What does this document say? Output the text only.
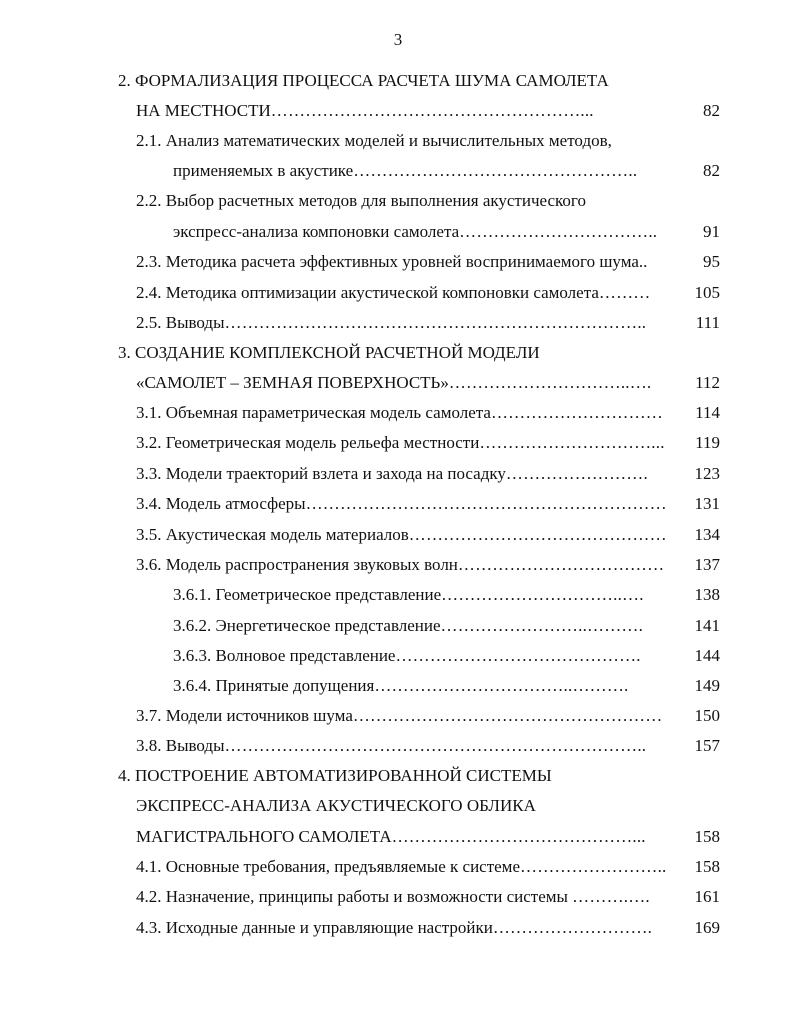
3
2. ФОРМАЛИЗАЦИЯ ПРОЦЕССА РАСЧЕТА ШУМА САМОЛЕТА
НА МЕСТНОСТИ………………………………………………...	82
2.1. Анализ математических моделей и вычислительных методов,
применяемых в акустике…………………………………………..	82
2.2. Выбор расчетных методов для выполнения акустического
экспресс-анализа компоновки самолета……………………………..	91
2.3. Методика расчета эффективных уровней воспринимаемого шума..	95
2.4. Методика оптимизации акустической компоновки самолета………	105
2.5. Выводы………………………………………………………………..	111
3. СОЗДАНИЕ КОМПЛЕКСНОЙ РАСЧЕТНОЙ МОДЕЛИ
«САМОЛЕТ – ЗЕМНАЯ ПОВЕРХНОСТЬ»…………………………..….	112
3.1. Объемная параметрическая модель самолета…………………………	114
3.2. Геометрическая модель рельефа местности…………………………...	119
3.3. Модели траекторий взлета и захода на посадку…………………….	123
3.4. Модель атмосферы………………………………………………………	131
3.5. Акустическая модель материалов………………………………………	134
3.6. Модель распространения звуковых волн………………………………	137
3.6.1. Геометрическое представление…………………………..….	138
3.6.2. Энергетическое представление……………………..……….	141
3.6.3. Волновое представление…………………………………….	144
3.6.4. Принятые допущения……………………………..……….	149
3.7. Модели источников шума………………………………………………	150
3.8. Выводы………………………………………………………………..	157
4. ПОСТРОЕНИЕ АВТОМАТИЗИРОВАННОЙ СИСТЕМЫ
ЭКСПРЕСС-АНАЛИЗА АКУСТИЧЕСКОГО ОБЛИКА
МАГИСТРАЛЬНОГО САМОЛЕТА……………………………………...	158
4.1. Основные требования, предъявляемые к системе……………………..	158
4.2. Назначение, принципы работы и возможности системы ……….….	161
4.3. Исходные данные и управляющие настройки……………………….	169
